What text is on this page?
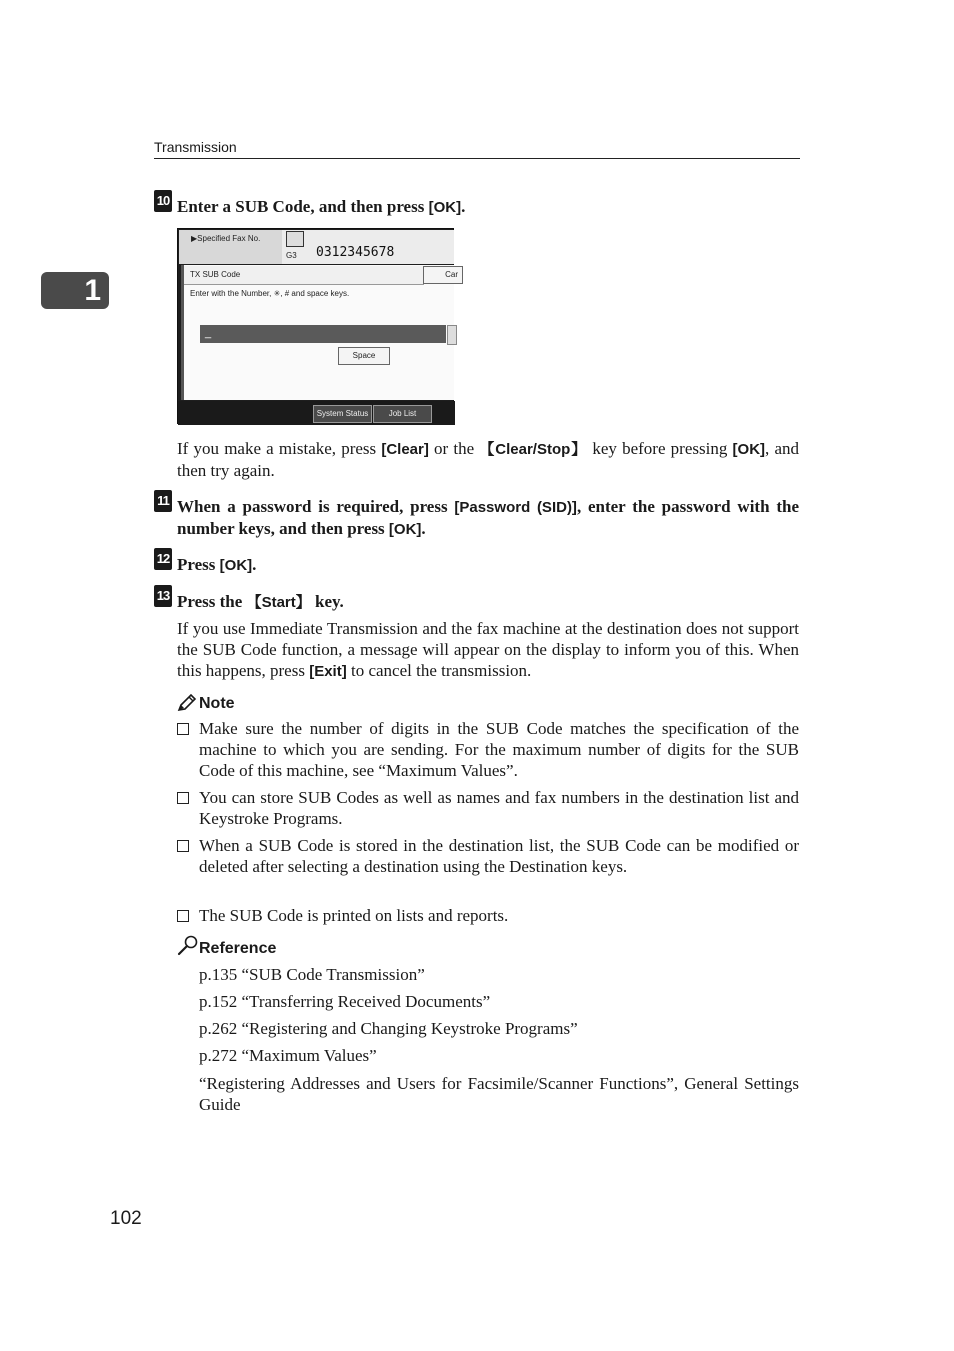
Transmission
1
10 Enter a SUB Code, and then press [OK].
▶Specified Fax No.
G3 0312345678
TX SUB Code	Car
Enter with the Number, ✳, # and space keys.
_
Space
System Status	Job List
If you make a mistake, press [Clear] or the 【Clear/Stop】 key before pressing [OK], and then try again.
11 When a password is required, press [Password (SID)], enter the password with the number keys, and then press [OK].
12 Press [OK].
13 Press the 【Start】 key.
If you use Immediate Transmission and the fax machine at the destination does not support the SUB Code function, a message will appear on the display to inform you of this. When this happens, press [Exit] to cancel the transmission.
Note
Make sure the number of digits in the SUB Code matches the specification of the machine to which you are sending. For the maximum number of digits for the SUB Code of this machine, see “Maximum Values”.
You can store SUB Codes as well as names and fax numbers in the destination list and Keystroke Programs.
When a SUB Code is stored in the destination list, the SUB Code can be modified or deleted after selecting a destination using the Destination keys.
The SUB Code is printed on lists and reports.
Reference
p.135 “SUB Code Transmission”
p.152 “Transferring Received Documents”
p.262 “Registering and Changing Keystroke Programs”
p.272 “Maximum Values”
“Registering Addresses and Users for Facsimile/Scanner Functions”, General Settings Guide
102
